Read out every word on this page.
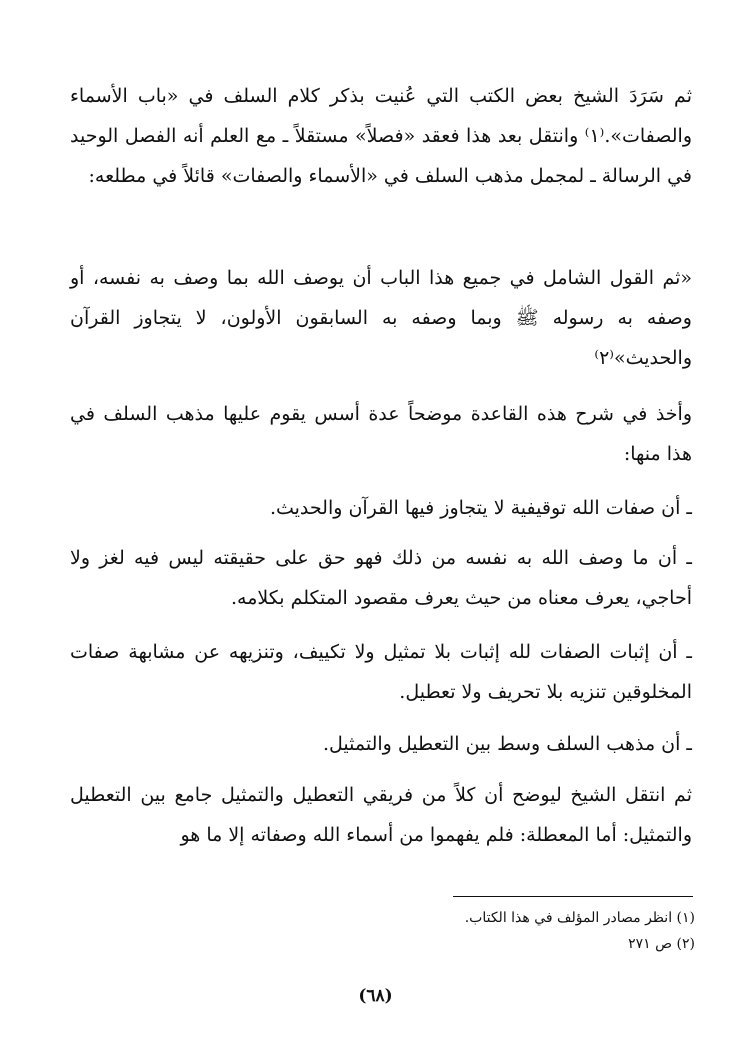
ثم سَرَدَ الشيخ بعض الكتب التي عُنيت بذكر كلام السلف في «باب الأسماء والصفات».⁽١⁾ وانتقل بعد هذا فعقد «فصلاً» مستقلاً ـ مع العلم أنه الفصل الوحيد في الرسالة ـ لمجمل مذهب السلف في «الأسماء والصفات» قائلاً في مطلعه:

«ثم القول الشامل في جميع هذا الباب أن يوصف الله بما وصف به نفسه، أو وصفه به رسوله ﷺ وبما وصفه به السابقون الأولون، لا يتجاوز القرآن والحديث»⁽٢⁾

وأخذ في شرح هذه القاعدة موضحاً عدة أسس يقوم عليها مذهب السلف في هذا منها:

ـ أن صفات الله توقيفية لا يتجاوز فيها القرآن والحديث.

ـ أن ما وصف الله به نفسه من ذلك فهو حق على حقيقته ليس فيه لغز ولا أحاجي، يعرف معناه من حيث يعرف مقصود المتكلم بكلامه.

ـ أن إثبات الصفات لله إثبات بلا تمثيل ولا تكييف، وتنزيهه عن مشابهة صفات المخلوقين تنزيه بلا تحريف ولا تعطيل.

ـ أن مذهب السلف وسط بين التعطيل والتمثيل.

ثم انتقل الشيخ ليوضح أن كلاً من فريقي التعطيل والتمثيل جامع بين التعطيل والتمثيل: أما المعطلة: فلم يفهموا من أسماء الله وصفاته إلا ما هو

(١) انظر مصادر المؤلف في هذا الكتاب.
(٢) ص ٢٧١
(٦٨)
